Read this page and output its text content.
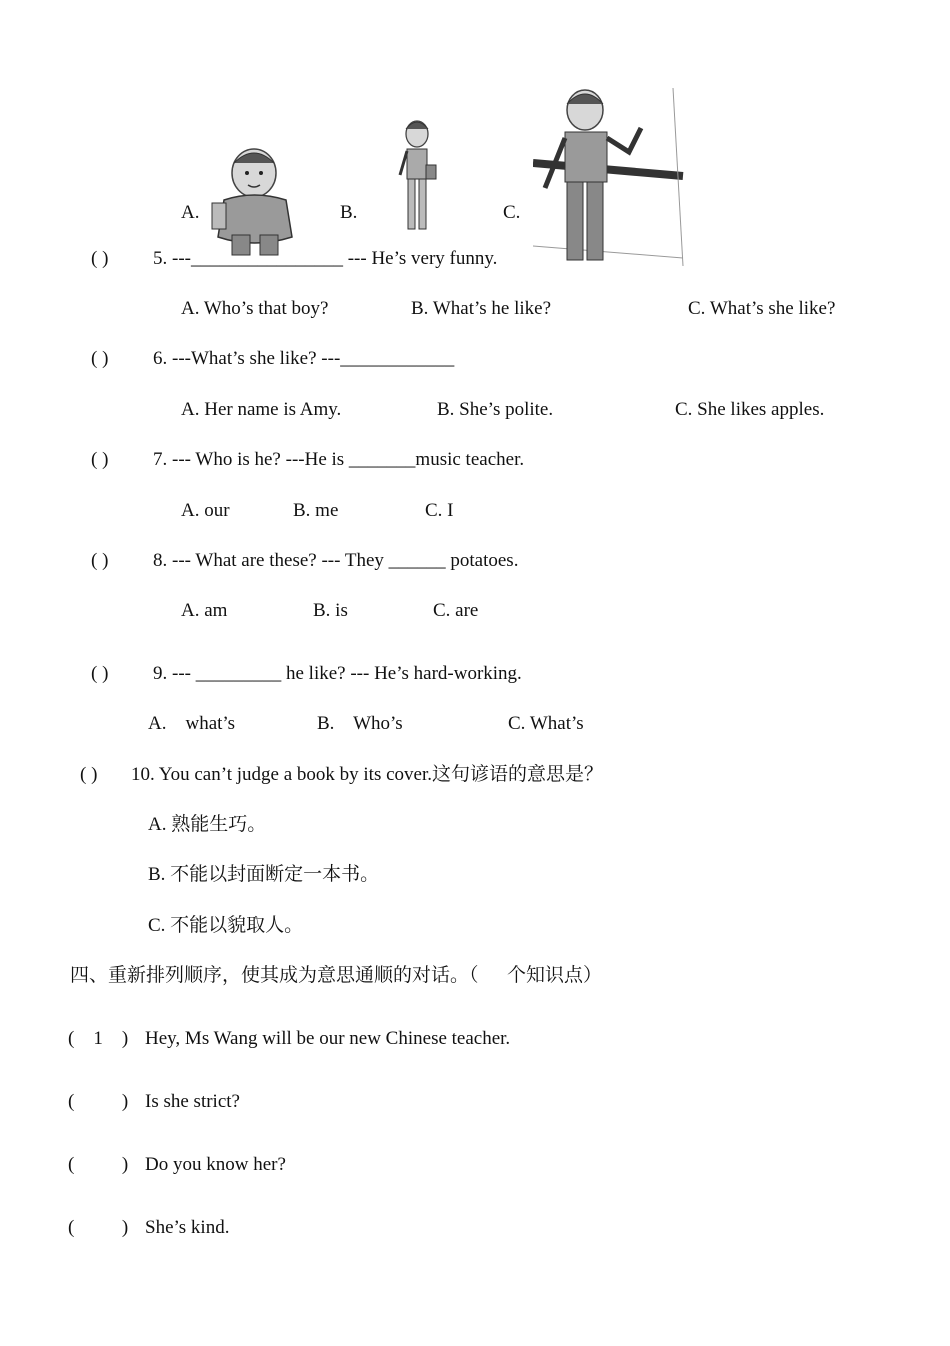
A.	B.	C.
( ) 5. ---________________ --- He’s very funny.
A. Who’s that boy?	B. What’s he like?	C. What’s she like?
( ) 6. ---What’s she like? ---____________
A. Her name is Amy.	B. She’s polite.	C. She likes apples.
( ) 7. --- Who is he? ---He is _______music teacher.
A. our	B. me	C. I
( ) 8. --- What are these? --- They ______ potatoes.
A. am	B. is	C. are
( ) 9. --- _________ he like? --- He’s hard-working.
A.    what’s	B.    Who’s	C. What’s
( ) 10. You can’t judge a book by its cover.这句谚语的意思是？
A. 熟能生巧。
B. 不能以封面断定一本书。
C. 不能以貌取人。
四、重新排列顺序，使其成为意思通顺的对话。（      个知识点）
(    1    ) Hey, Ms Wang will be our new Chinese teacher.
(          ) Is she strict?
(          ) Do you know her?
(          ) She’s kind.
